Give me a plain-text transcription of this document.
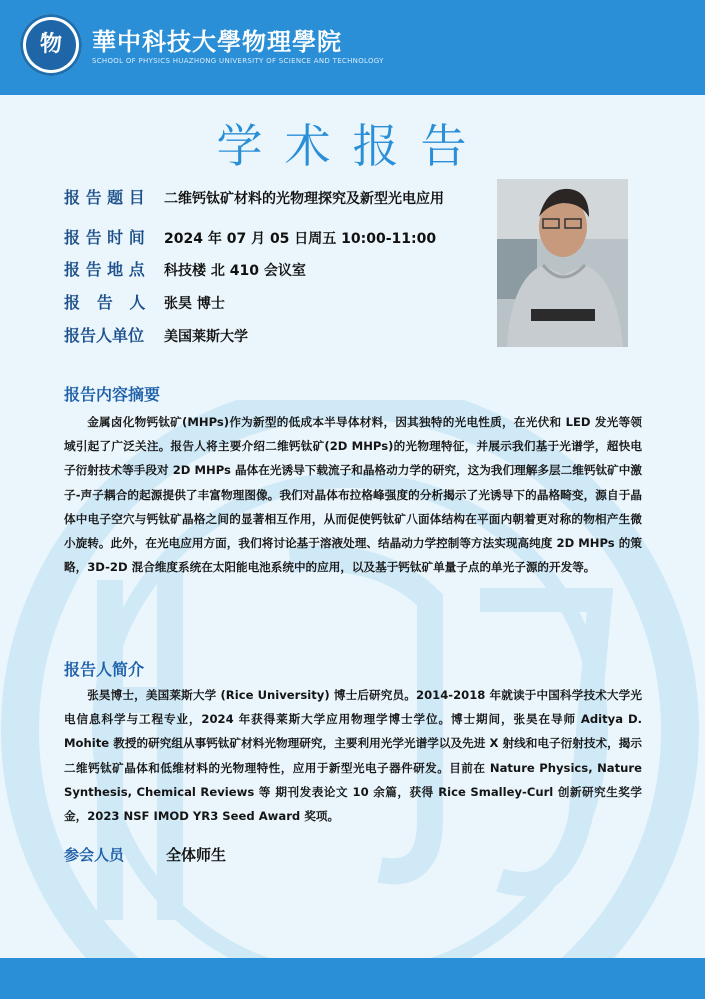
物	華中科技大學物理學院
SCHOOL OF PHYSICS HUAZHONG UNIVERSITY OF SCIENCE AND TECHNOLOGY
学术报告
报 告 题 目 二维钙钛矿材料的光物理探究及新型光电应用
报 告 时 间 2024 年 07 月 05 日周五 10:00-11:00
报 告 地 点 科技楼 北 410 会议室
报   告   人 张昊 博士
报告人单位 美国莱斯大学
报告内容摘要

金属卤化物钙钛矿(MHPs)作为新型的低成本半导体材料，因其独特的光电性质，在光伏和 LED 发光等领域引起了广泛关注。报告人将主要介绍二维钙钛矿(2D MHPs)的光物理特征，并展示我们基于光谱学，超快电子衍射技术等手段对 2D MHPs 晶体在光诱导下载流子和晶格动力学的研究，这为我们理解多层二维钙钛矿中激子-声子耦合的起源提供了丰富物理图像。我们对晶体布拉格峰强度的分析揭示了光诱导下的晶格畸变，源自于晶体中电子空穴与钙钛矿晶格之间的显著相互作用，从而促使钙钛矿八面体结构在平面内朝着更对称的物相产生微小旋转。此外，在光电应用方面，我们将讨论基于溶液处理、结晶动力学控制等方法实现高纯度 2D MHPs 的策略，3D-2D 混合维度系统在太阳能电池系统中的应用，以及基于钙钛矿单量子点的单光子源的开发等。

报告人简介

张昊博士，美国莱斯大学 (Rice University) 博士后研究员。2014-2018 年就读于中国科学技术大学光电信息科学与工程专业，2024 年获得莱斯大学应用物理学博士学位。博士期间，张昊在导师 Aditya D. Mohite 教授的研究组从事钙钛矿材料光物理研究，主要利用光学光谱学以及先进 X 射线和电子衍射技术，揭示二维钙钛矿晶体和低维材料的光物理特性，应用于新型光电子器件研发。目前在 Nature Physics, Nature Synthesis, Chemical Reviews 等 期刊发表论文 10 余篇，获得 Rice Smalley-Curl 创新研究生奖学金，2023 NSF IMOD YR3 Seed Award 奖项。

参会人员	全体师生
